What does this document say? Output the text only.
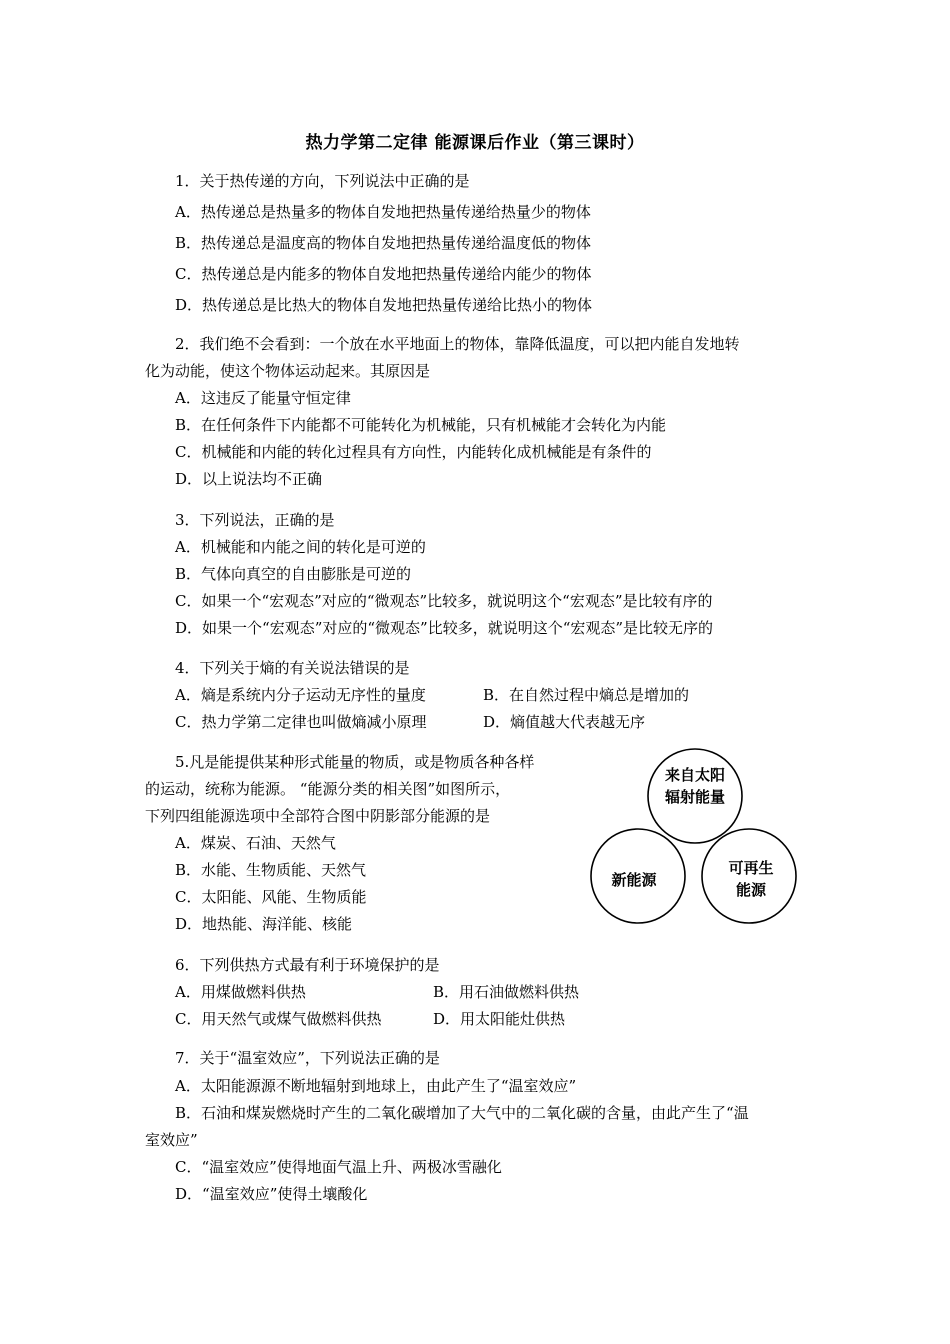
热力学第二定律 能源课后作业（第三课时）
1．关于热传递的方向，下列说法中正确的是
A．热传递总是热量多的物体自发地把热量传递给热量少的物体
B．热传递总是温度高的物体自发地把热量传递给温度低的物体
C．热传递总是内能多的物体自发地把热量传递给内能少的物体
D．热传递总是比热大的物体自发地把热量传递给比热小的物体
2．我们绝不会看到：一个放在水平地面上的物体，靠降低温度，可以把内能自发地转
化为动能，使这个物体运动起来。其原因是
A．这违反了能量守恒定律
B．在任何条件下内能都不可能转化为机械能，只有机械能才会转化为内能
C．机械能和内能的转化过程具有方向性，内能转化成机械能是有条件的
D．以上说法均不正确
3．下列说法，正确的是
A．机械能和内能之间的转化是可逆的
B．气体向真空的自由膨胀是可逆的
C．如果一个“宏观态”对应的“微观态”比较多，就说明这个“宏观态”是比较有序的
D．如果一个“宏观态”对应的“微观态”比较多，就说明这个“宏观态”是比较无序的
4．下列关于熵的有关说法错误的是
A．熵是系统内分子运动无序性的量度	B．在自然过程中熵总是增加的
C．热力学第二定律也叫做熵减小原理	D．熵值越大代表越无序
5.凡是能提供某种形式能量的物质，或是物质各种各样
的运动，统称为能源。 “能源分类的相关图”如图所示，
下列四组能源选项中全部符合图中阴影部分能源的是
A．煤炭、石油、天然气
B．水能、生物质能、天然气
C．太阳能、风能、生物质能
D．地热能、海洋能、核能
来自太阳
辐射能量
新能源
可再生
能源
6．下列供热方式最有利于环境保护的是
A．用煤做燃料供热	B．用石油做燃料供热
C．用天然气或煤气做燃料供热	D．用太阳能灶供热
7．关于“温室效应”，下列说法正确的是
A．太阳能源源不断地辐射到地球上，由此产生了“温室效应”
B．石油和煤炭燃烧时产生的二氧化碳增加了大气中的二氧化碳的含量，由此产生了“温
室效应”
C．“温室效应”使得地面气温上升、两极冰雪融化
D．“温室效应”使得土壤酸化
